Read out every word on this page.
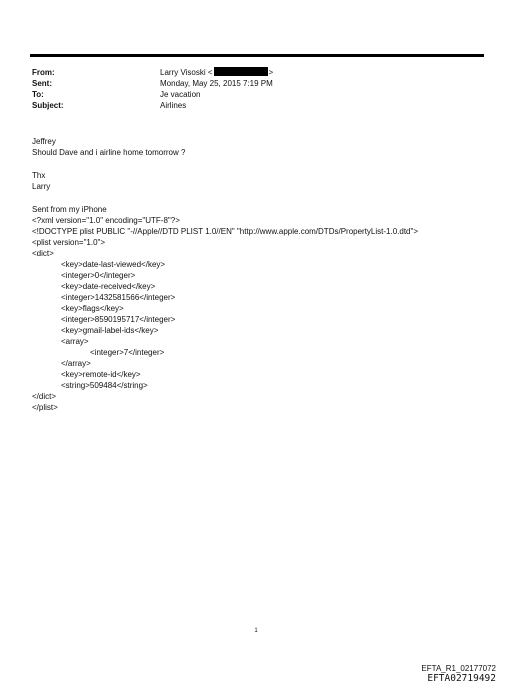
From:	Larry Visoski <	>
Sent:	Monday, May 25, 2015 7:19 PM
To:	Je vacation
Subject:	Airlines
Jeffrey
Should Dave and i airline home tomorrow ?
Thx
Larry
Sent from my iPhone
<?xml version="1.0" encoding="UTF-8"?>
<!DOCTYPE plist PUBLIC "-//Apple//DTD PLIST 1.0//EN" "http://www.apple.com/DTDs/PropertyList-1.0.dtd">
<plist version="1.0">
<dict>
<key>date-last-viewed</key>
<integer>0</integer>
<key>date-received</key>
<integer>1432581566</integer>
<key>flags</key>
<integer>8590195717</integer>
<key>gmail-label-ids</key>
<array>
<integer>7</integer>
</array>
<key>remote-id</key>
<string>509484</string>
</dict>
</plist>
1
EFTA_R1_02177072
EFTA02719492
